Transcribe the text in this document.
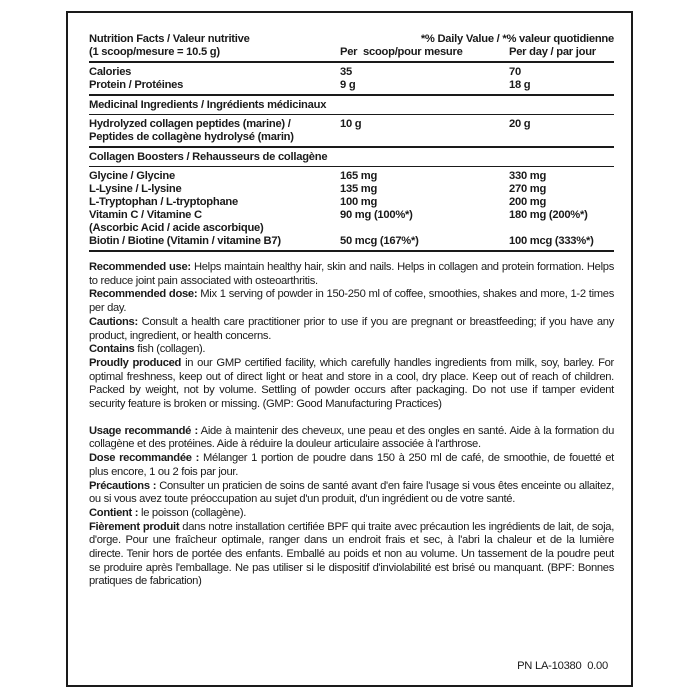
Nutrition Facts / Valeur nutritive	*% Daily Value / *% valeur quotidienne
(1 scoop/mesure = 10.5 g)	Per  scoop/pour mesure	Per day / par jour
Calories	35	70
Protein / Protéines	9 g	18 g
Medicinal Ingredients / Ingrédients médicinaux
Hydrolyzed collagen peptides (marine) /	10 g	20 g
Peptides de collagène hydrolysé (marin)
Collagen Boosters / Rehausseurs de collagène
Glycine / Glycine	165 mg	330 mg
L-Lysine / L-lysine	135 mg	270 mg
L-Tryptophan / L-tryptophane	100 mg	200 mg
Vitamin C / Vitamine C	90 mg (100%*)	180 mg (200%*)
(Ascorbic Acid / acide ascorbique)
Biotin / Biotine (Vitamin / vitamine B7)	50 mcg (167%*)	100 mcg (333%*)

Recommended use: Helps maintain healthy hair, skin and nails. Helps in collagen and protein formation. Helps to reduce joint pain associated with osteoarthritis.

Recommended dose: Mix 1 serving of powder in 150-250 ml of coffee, smoothies, shakes and more, 1-2 times per day.

Cautions: Consult a health care practitioner prior to use if you are pregnant or breastfeeding; if you have any product, ingredient, or health concerns.

Contains fish (collagen).

Proudly produced in our GMP certified facility, which carefully handles ingredients from milk, soy, barley. For optimal freshness, keep out of direct light or heat and store in a cool, dry place. Keep out of reach of children. Packed by weight, not by volume. Settling of powder occurs after packaging. Do not use if tamper evident security feature is broken or missing. (GMP: Good Manufacturing Practices)

Usage recommandé : Aide à maintenir des cheveux, une peau et des ongles en santé. Aide à la formation du collagène et des protéines. Aide à réduire la douleur articulaire associée à l'arthrose.

Dose recommandée : Mélanger 1 portion de poudre dans 150 à 250 ml de café, de smoothie, de fouetté et plus encore, 1 ou 2 fois par jour.

Précautions : Consulter un praticien de soins de santé avant d'en faire l'usage si vous êtes enceinte ou allaitez, ou si vous avez toute préoccupation au sujet d'un produit, d'un ingrédient ou de votre santé.

Contient : le poisson (collagène).

Fièrement produit dans notre installation certifiée BPF qui traite avec précaution les ingrédients de lait, de soja, d'orge. Pour une fraîcheur optimale, ranger dans un endroit frais et sec, à l'abri la chaleur et de la lumière directe. Tenir hors de portée des enfants. Emballé au poids et non au volume. Un tassement de la poudre peut se produire après l'emballage. Ne pas utiliser si le dispositif d'inviolabilité est brisé ou manquant. (BPF: Bonnes pratiques de fabrication)

PN LA-10380  0.00
